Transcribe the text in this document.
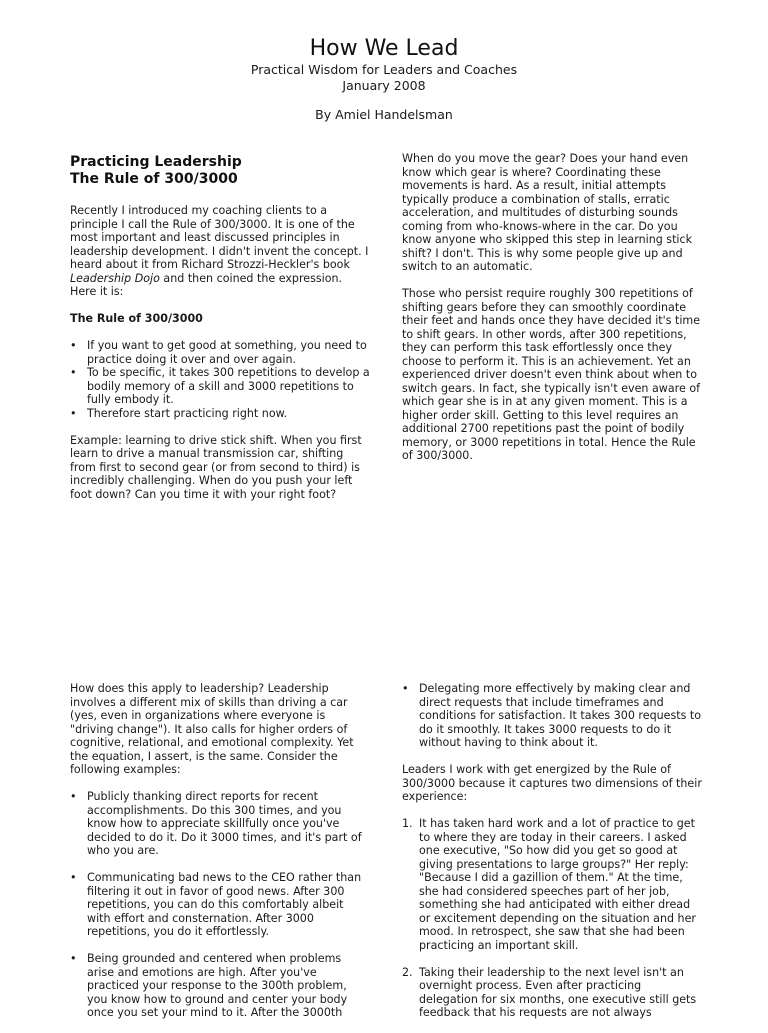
How We Lead
Practical Wisdom for Leaders and Coaches
January 2008
By Amiel Handelsman
Practicing Leadership
The Rule of 300/3000

Recently I introduced my coaching clients to a principle I call the Rule of 300/3000. It is one of the most important and least discussed principles in leadership development. I didn't invent the concept. I heard about it from Richard Strozzi-Heckler's book Leadership Dojo and then coined the expression. Here it is:

The Rule of 300/3000

• If you want to get good at something, you need to practice doing it over and over again.
• To be specific, it takes 300 repetitions to develop a bodily memory of a skill and 3000 repetitions to fully embody it.
• Therefore start practicing right now.

Example: learning to drive stick shift. When you first learn to drive a manual transmission car, shifting from first to second gear (or from second to third) is incredibly challenging. When do you push your left foot down? Can you time it with your right foot?

When do you move the gear? Does your hand even know which gear is where? Coordinating these movements is hard. As a result, initial attempts typically produce a combination of stalls, erratic acceleration, and multitudes of disturbing sounds coming from who-knows-where in the car. Do you know anyone who skipped this step in learning stick shift? I don't. This is why some people give up and switch to an automatic.

Those who persist require roughly 300 repetitions of shifting gears before they can smoothly coordinate their feet and hands once they have decided it's time to shift gears. In other words, after 300 repetitions, they can perform this task effortlessly once they choose to perform it. This is an achievement. Yet an experienced driver doesn't even think about when to switch gears. In fact, she typically isn't even aware of which gear she is in at any given moment. This is a higher order skill. Getting to this level requires an additional 2700 repetitions past the point of bodily memory, or 3000 repetitions in total. Hence the Rule of 300/3000.

How does this apply to leadership? Leadership involves a different mix of skills than driving a car (yes, even in organizations where everyone is "driving change"). It also calls for higher orders of cognitive, relational, and emotional complexity. Yet the equation, I assert, is the same. Consider the following examples:

• Publicly thanking direct reports for recent accomplishments. Do this 300 times, and you know how to appreciate skillfully once you've decided to do it. Do it 3000 times, and it's part of who you are.
• Communicating bad news to the CEO rather than filtering it out in favor of good news. After 300 repetitions, you can do this comfortably albeit with effort and consternation. After 3000 repetitions, you do it effortlessly.
• Being grounded and centered when problems arise and emotions are high. After you've practiced your response to the 300th problem, you know how to ground and center your body once you set your mind to it. After the 3000th
• Delegating more effectively by making clear and direct requests that include timeframes and conditions for satisfaction. It takes 300 requests to do it smoothly. It takes 3000 requests to do it without having to think about it.

Leaders I work with get energized by the Rule of 300/3000 because it captures two dimensions of their experience:

1. It has taken hard work and a lot of practice to get to where they are today in their careers. I asked one executive, "So how did you get so good at giving presentations to large groups?" Her reply: "Because I did a gazillion of them." At the time, she had considered speeches part of her job, something she had anticipated with either dread or excitement depending on the situation and her mood. In retrospect, she saw that she had been practicing an important skill.
2. Taking their leadership to the next level isn't an overnight process. Even after practicing delegation for six months, one executive still gets feedback that his requests are not always
